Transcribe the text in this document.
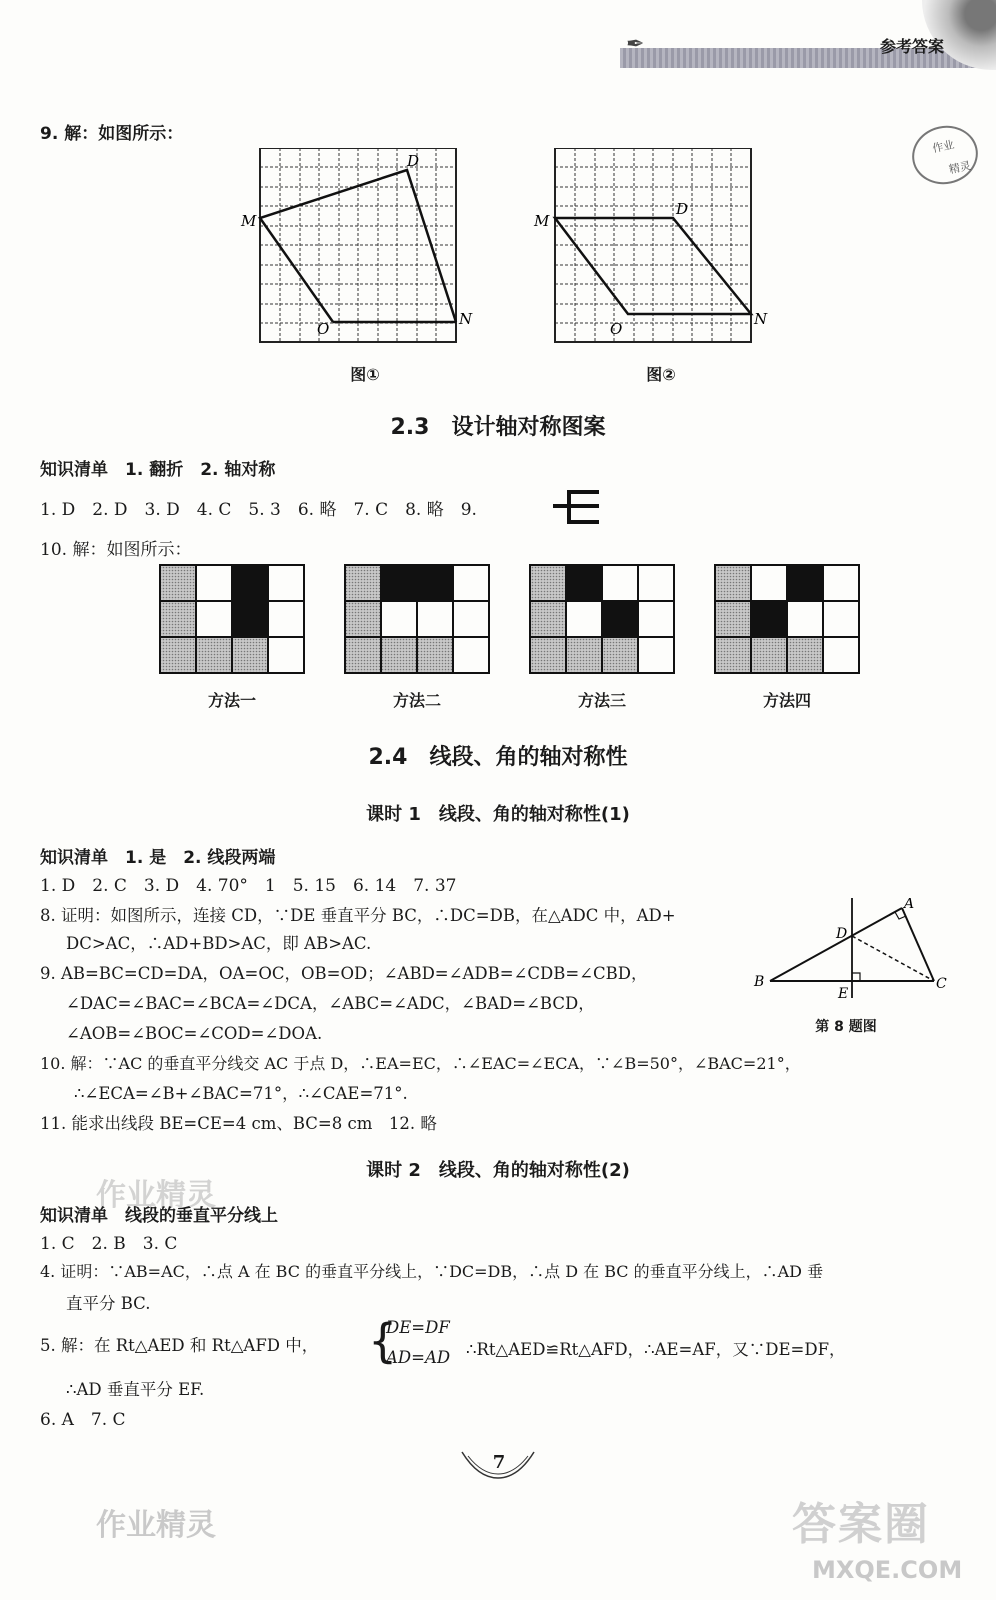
参考答案
✒
作业
精灵
9. 解：如图所示：
M
D
O
N
图①
M
D
O
N
图②
2.3　设计轴对称图案
知识清单　1. 翻折　2. 轴对称
1. D　2. D　3. D　4. C　5. 3　6. 略　7. C　8. 略　9.
10. 解：如图所示：
方法一	方法二	方法三	方法四
2.4　线段、角的轴对称性
课时 1　线段、角的轴对称性(1)
知识清单　1. 是　2. 线段两端
1. D　2. C　3. D　4. 70°　1　5. 15　6. 14　7. 37
8. 证明：如图所示，连接 CD，∵DE 垂直平分 BC，∴DC=DB，在△ADC 中，AD+
DC>AC，∴AD+BD>AC，即 AB>AC.
9. AB=BC=CD=DA，OA=OC，OB=OD；∠ABD=∠ADB=∠CDB=∠CBD，
∠DAC=∠BAC=∠BCA=∠DCA，∠ABC=∠ADC，∠BAD=∠BCD，
∠AOB=∠BOC=∠COD=∠DOA.
A
B	C
D
E
第 8 题图
10. 解：∵AC 的垂直平分线交 AC 于点 D，∴EA=EC，∴∠EAC=∠ECA，∵∠B=50°，∠BAC=21°，
∴∠ECA=∠B+∠BAC=71°，∴∠CAE=71°.
11. 能求出线段 BE=CE=4 cm、BC=8 cm　12. 略
课时 2　线段、角的轴对称性(2)
作业精灵
知识清单　线段的垂直平分线上
1. C　2. B　3. C
4. 证明：∵AB=AC，∴点 A 在 BC 的垂直平分线上，∵DC=DB，∴点 D 在 BC 的垂直平分线上，∴AD 垂
直平分 BC.
5. 解：在 Rt△AED 和 Rt△AFD 中， {
DE=DF
AD=AD ∴Rt△AED≌Rt△AFD，∴AE=AF，又∵DE=DF，
∴AD 垂直平分 EF.
6. A　7. C
7
作业精灵	答案圈
MXQE.COM
